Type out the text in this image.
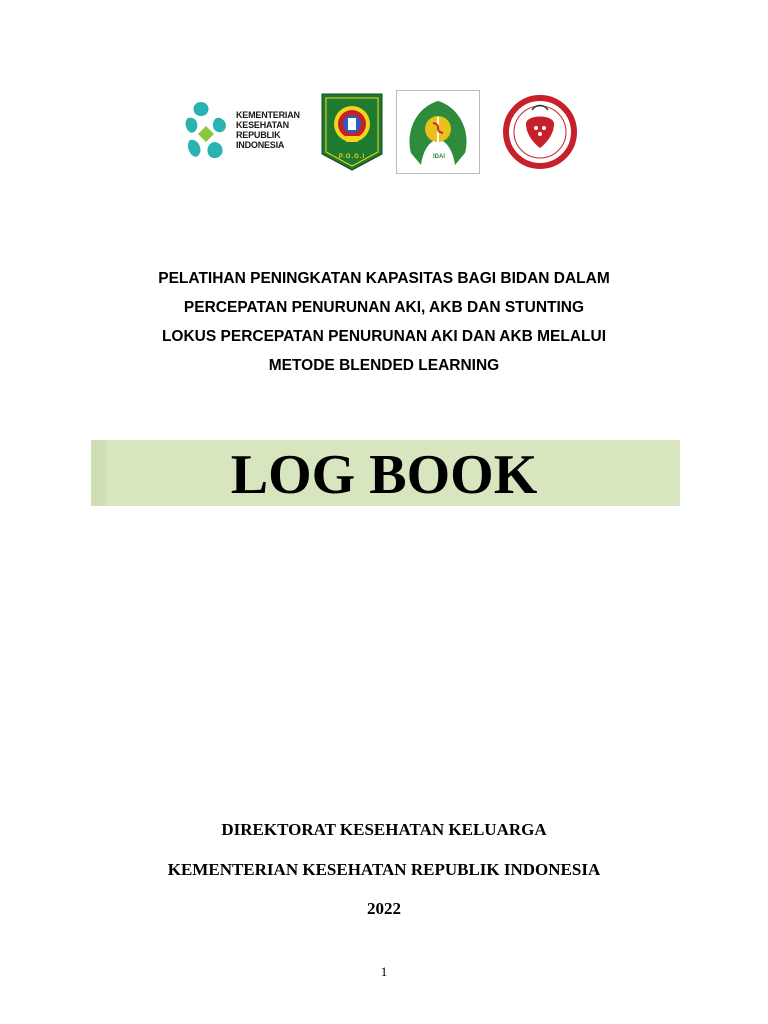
KEMENTERIAN
KESEHATAN
REPUBLIK
INDONESIA
P.O.G.I	IDAI
PELATIHAN PENINGKATAN KAPASITAS BAGI BIDAN DALAM
PERCEPATAN PENURUNAN AKI, AKB DAN STUNTING
LOKUS PERCEPATAN PENURUNAN AKI DAN AKB MELALUI
METODE BLENDED LEARNING
LOG BOOK
DIREKTORAT KESEHATAN KELUARGA
KEMENTERIAN KESEHATAN REPUBLIK INDONESIA
2022
1
